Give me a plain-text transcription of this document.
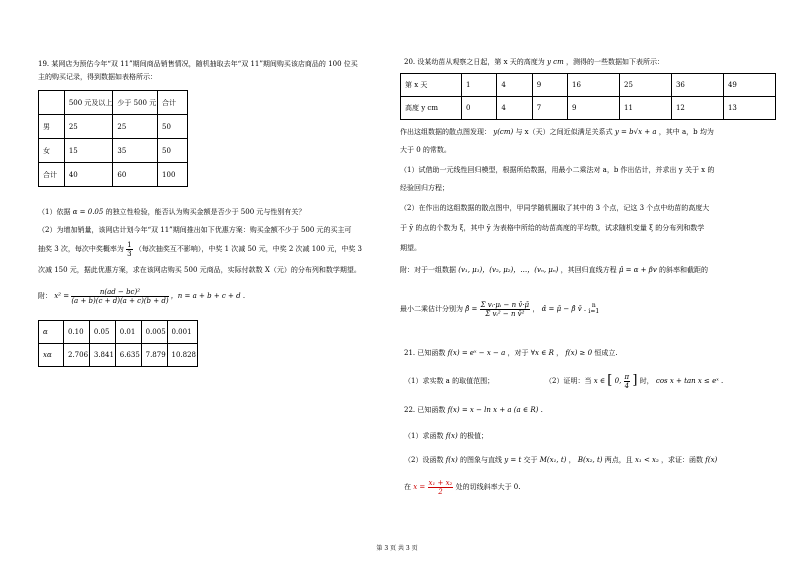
19. 某网店为预估今年“双 11”期间商品销售情况，随机抽取去年“双 11”期间购买该店商品的 100 位买
主的购买记录，得到数据如表格所示：
	500 元及以上	少于 500 元	合计
男	25	25	50
女	15	35	50
合计	40	60	100
（1）依据 α = 0.05 的独立性检验，能否认为购买金额是否少于 500 元与性别有关？
（2）为增加销量，该网店计划今年“双 11”期间推出如下优惠方案：购买金额不少于 500 元的买主可
抽奖 3 次，每次中奖概率为 $\frac{1}{3}$ （每次抽奖互不影响），中奖 1 次减 50 元，中奖 2 次减 100 元，中奖 3
次减 150 元，据此优惠方案，求在该网店购买 500 元商品，实际付款数 X（元）的分布列和数学期望。
附： $x^2 = \frac{\text{n(ad − bc)²}}{(a + b)(c + d)(a + c)(b + d)}$ ，n = a + b + c + d .
α	0.10	0.05	0.01	0.005	0.001
xα	2.706	3.841	6.635	7.879	10.828
20. 设某幼苗从观察之日起，第 x 天的高度为 y cm ，测得的一些数据如下表所示：
第 x 天	1	4	9	16	25	36	49
高度 y cm	0	4	7	9	11	12	13
作出这组数据的散点图发现： y(cm) 与 x（天）之间近似满足关系式 y = b√x + a ，其中 a，b 均为
大于 0 的常数。
（1）试借助一元线性回归模型，根据所给数据，用最小二乘法对 a，b 作出估计，并求出 y 关于 x 的
经验回归方程；
（2）在作出的这组数据的散点图中，甲同学随机圈取了其中的 3 个点，记这 3 个点中幼苗的高度大
于 ȳ 的点的个数为 ξ，其中 ȳ 为表格中所给的幼苗高度的平均数，试求随机变量 ξ 的分布列和数学
期望。
附：对于一组数据 (v₁, μ₁)，(v₂, μ₂)，…，(vₙ, μₙ) ，其回归直线方程 μ̂ = α + βv 的斜率和截距的
最小二乘估计分别为 β̂ = $\frac{\text{Σ vᵢ·μᵢ − n v̄·μ̄}}{\text{Σ vᵢ² − n v̄²}}$ ， α̂ = μ̄ − β̂ v̄ . n
i=1
21. 已知函数 f(x) = eˣ − x − a ，对于 ∀x ∈ R ， f(x) ≥ 0 恒成立.
（1）求实数 a 的取值范围；	（2）证明：当 x ∈ [ 0, $\frac{\pi}{4}$ ] 时， cos x + tan x ≤ eˣ .
22. 已知函数 f(x) = x − ln x + a (a ∈ R) .
（1）求函数 f(x) 的极值；
（2）设函数 f(x) 的图象与直线 y = t 交于 M(x₁, t) ， B(x₂, t) 两点，且 x₁ < x₂ ，求证：函数 f(x)
在 $x = \frac{\text{x₁ + x₂}}{2}$ 处的切线斜率大于 0.
第 3 页 共 3 页
